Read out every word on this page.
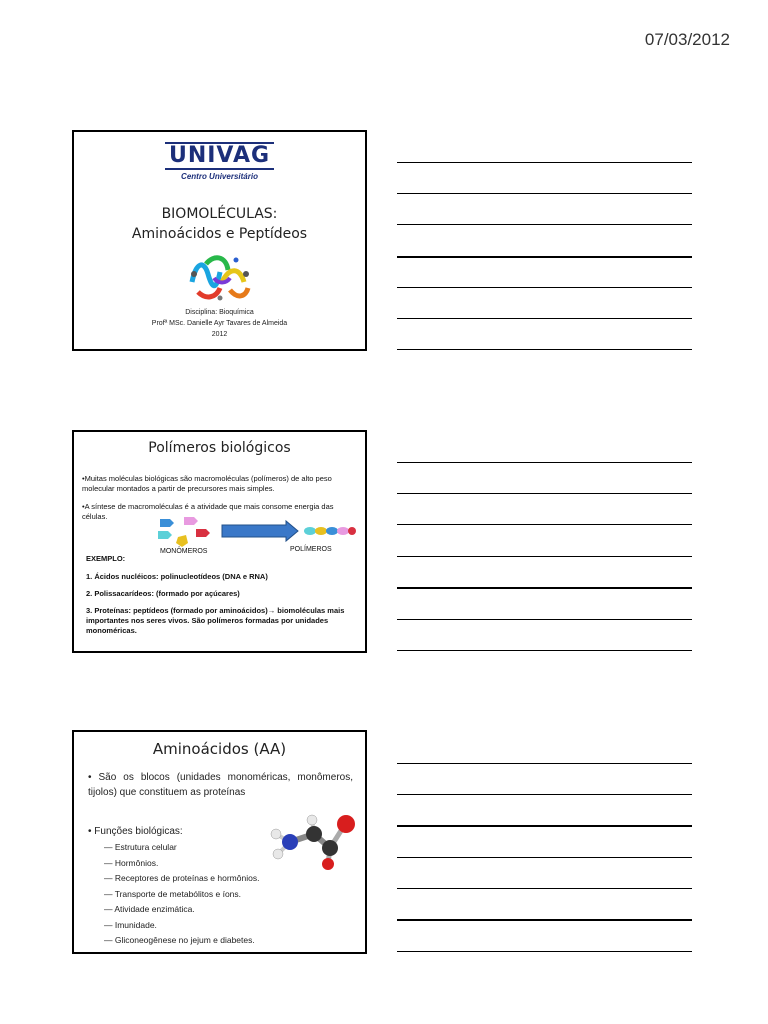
07/03/2012
UNIVAG
Centro Universitário
BIOMOLÉCULAS:
Aminoácidos e Peptídeos
Disciplina: Bioquímica
Profª MSc. Danielle Ayr Tavares de Almeida
2012
Polímeros biológicos
•Muitas moléculas biológicas são macromoléculas (polímeros) de alto peso molecular montados a partir de precursores mais simples.
•A síntese de macromoléculas é a atividade que mais consome energia das células.
MONÔMEROS	POLÍMEROS
EXEMPLO:
1. Ácidos nucléicos: polinucleotídeos (DNA e RNA)
2. Polissacarídeos: (formado por açúcares)
3. Proteínas: peptídeos (formado por aminoácidos)→ biomoléculas mais importantes nos seres vivos. São polímeros formadas por unidades monoméricas.
Aminoácidos (AA)
• São os blocos (unidades monoméricas, monômeros, tijolos) que constituem as proteínas
• Funções biológicas:
— Estrutura celular
— Hormônios.
— Receptores de proteínas e hormônios.
— Transporte de metabólitos e íons.
— Atividade enzimática.
— Imunidade.
— Gliconeogênese no jejum e diabetes.
